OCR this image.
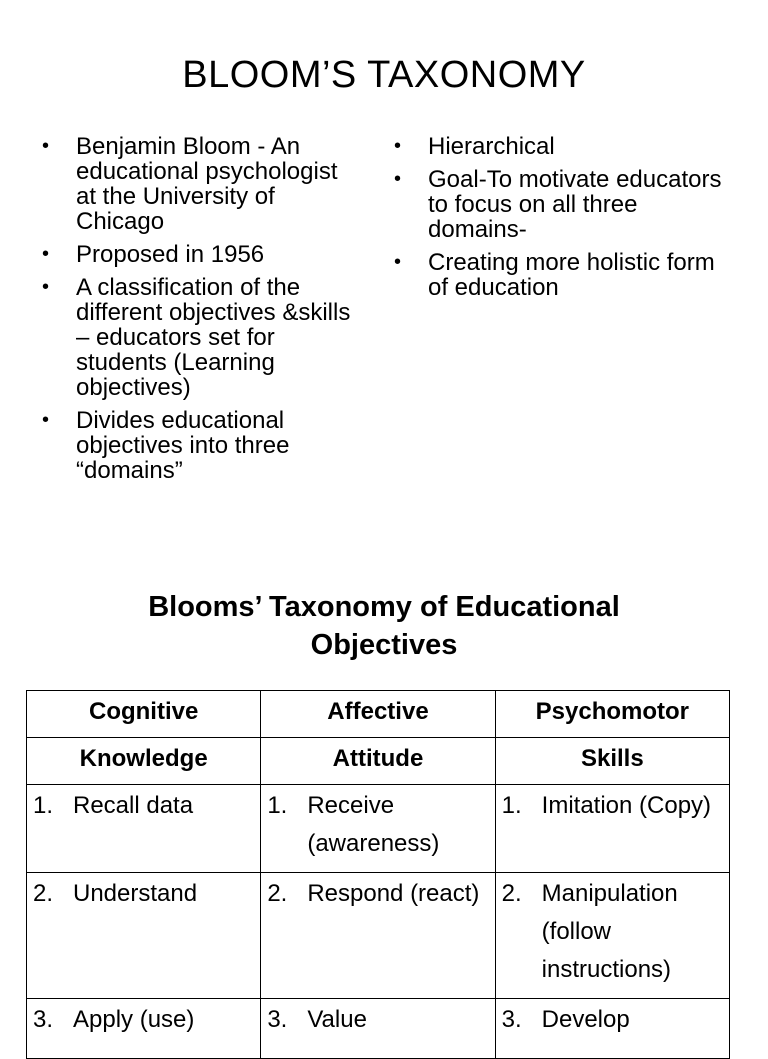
BLOOM’S TAXONOMY
• Benjamin Bloom - An educational psychologist at the University of Chicago
• Proposed in 1956
• A classification of the different objectives &skills – educators set for students (Learning objectives)
• Divides educational objectives into three “domains”
• Hierarchical
• Goal-To motivate educators to focus on all three domains-
• Creating more holistic form of education
Blooms’ Taxonomy of Educational Objectives
Cognitive	Affective	Psychomotor
Knowledge	Attitude	Skills

1. Recall data	1. Receive (awareness)	1. Imitation (Copy)

2. Understand	2. Respond (react)	2. Manipulation (follow instructions)

3. Apply (use)	3. Value	3. Develop
